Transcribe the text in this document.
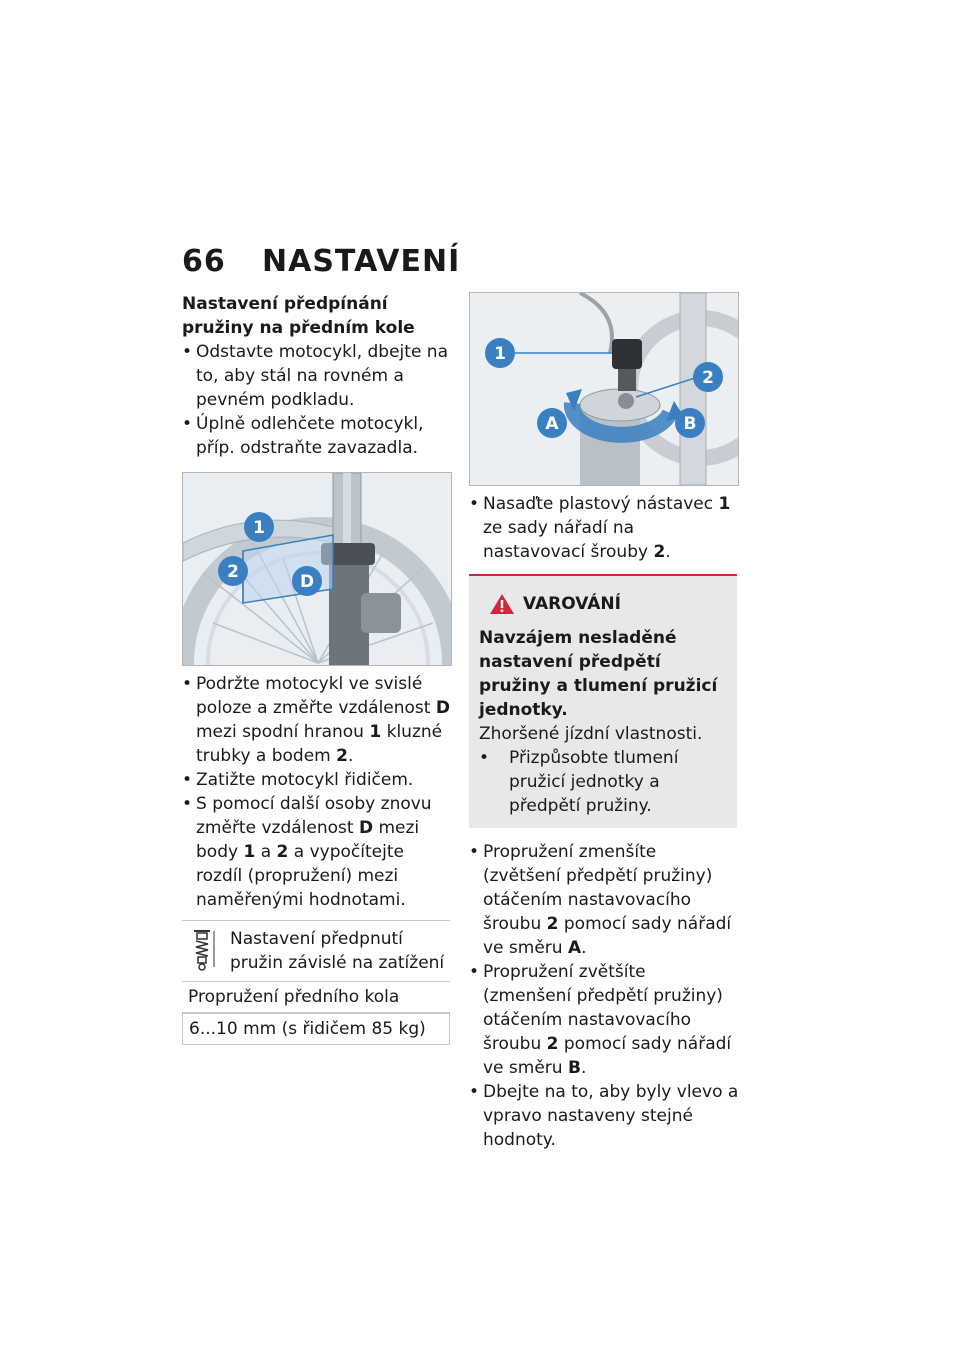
66 NASTAVENÍ

Nastavení předpínání pružiny na předním kole

• Odstavte motocykl, dbejte na to, aby stál na rovném a pevném podkladu.

• Úplně odlehčete motocykl, příp. odstraňte zavazadla.

1
2	D

• Podržte motocykl ve svislé poloze a změřte vzdálenost D mezi spodní hranou 1 kluzné trubky a bodem 2.

• Zatižte motocykl řidičem.

• S pomocí další osoby znovu změřte vzdálenost D mezi body 1 a 2 a vypočítejte rozdíl (propružení) mezi naměřenými hodnotami.

Nastavení předpnutí pružin závislé na zatížení
Propružení předního kola
6...10 mm (s řidičem 85 kg)
1
2
A	B

• Nasaďte plastový nástavec 1 ze sady nářadí na nastavovací šrouby 2.

VAROVÁNÍ

Navzájem nesladěné nastavení předpětí pružiny a tlumení pružicí jednotky.

Zhoršené jízdní vlastnosti.

• Přizpůsobte tlumení pružicí jednotky a předpětí pružiny.

• Propružení zmenšíte (zvětšení předpětí pružiny) otáčením nastavovacího šroubu 2 pomocí sady nářadí ve směru A.

• Propružení zvětšíte (zmenšení předpětí pružiny) otáčením nastavovacího šroubu 2 pomocí sady nářadí ve směru B.

• Dbejte na to, aby byly vlevo a vpravo nastaveny stejné hodnoty.
